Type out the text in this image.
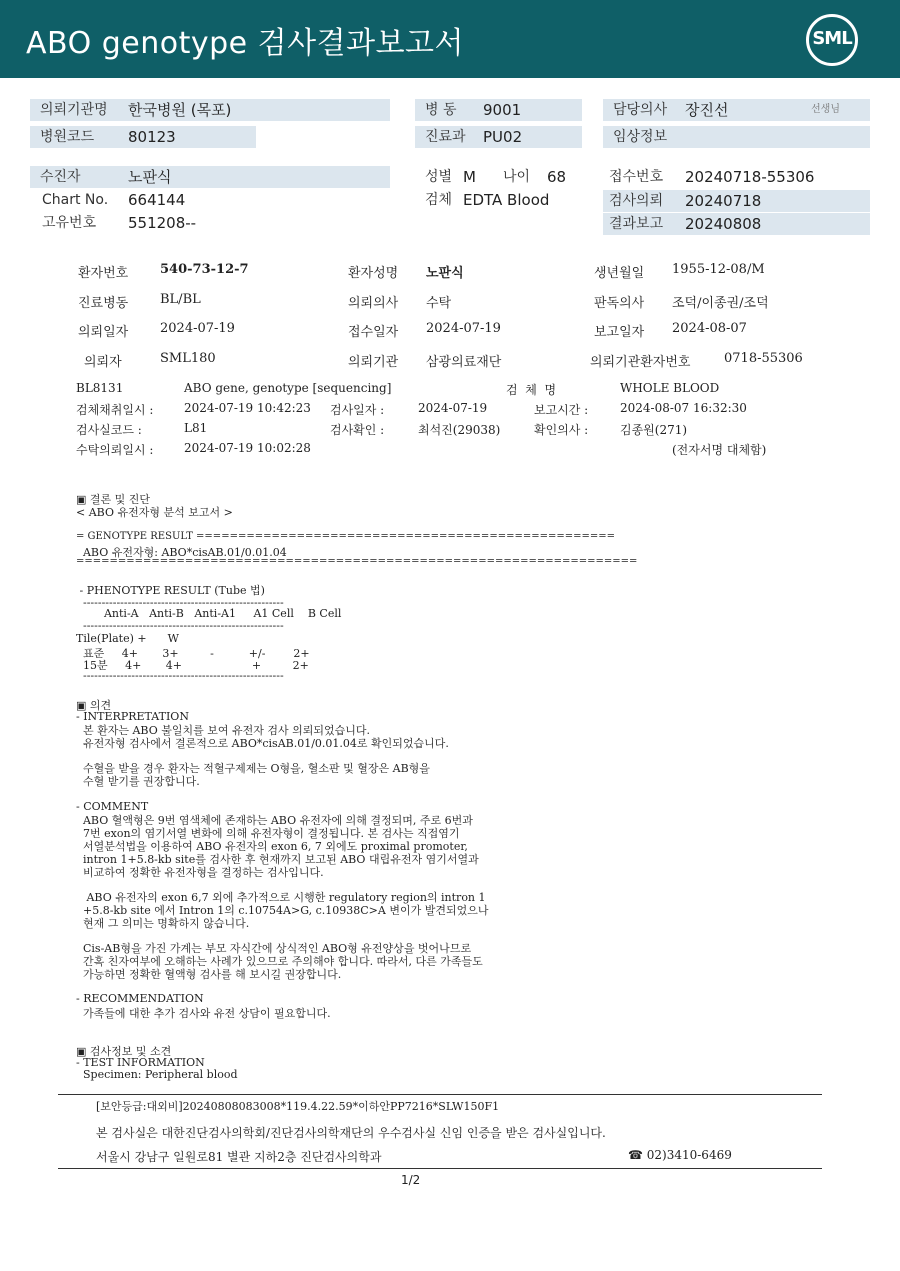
ABO genotype 검사결과보고서	SML
의뢰기관명 한국병원 (목포)
병원코드 80123
병 동 9001
진료과 PU02
담당의사 장진선	선생님
임상정보
수진자	노판식
Chart No. 664144
고유번호 551208--
성별 M 나이 68
검체 EDTA Blood
접수번호 20240718-55306
검사의뢰 20240718
결과보고 20240808
환자번호 540-73-12-7	환자성명 노판식	생년월일 1955-12-08/M
진료병동 BL/BL	의뢰의사 수탁	판독의사 조덕/이종권/조덕
의뢰일자 2024-07-19	접수일자 2024-07-19	보고일자 2024-08-07
의뢰자	SML180	의뢰기관 삼광의료재단	의뢰기관환자번호	0718-55306
BL8131	ABO gene, genotype [sequencing]	검  체  명	WHOLE BLOOD
검체채취일시 :	2024-07-19 10:42:23 검사일자 :	2024-07-19	보고시간 :	2024-08-07 16:32:30
검사실코드 :	L81	검사확인 :	최석진(29038)	확인의사 :	김종원(271)
수탁의뢰일시 :	2024-07-19 10:02:28	(전자서명 대체함)
▣ 결론 및 진단
< ABO 유전자형 분석 보고서 >
= GENOTYPE RESULT ==================================================
ABO 유전자형: ABO*cisAB.01/0.01.04
===================================================================
- PHENOTYPE RESULT (Tube 법)
------------------------------------------------------
Anti-A   Anti-B   Anti-A1     A1 Cell    B Cell
------------------------------------------------------
Tile(Plate) +      W
표준     4+       3+         -          +/-        2+
15분     4+       4+                    +         2+
------------------------------------------------------
▣ 의견
- INTERPRETATION
본 환자는 ABO 불일치를 보여 유전자 검사 의뢰되었습니다.
유전자형 검사에서 결론적으로 ABO*cisAB.01/0.01.04로 확인되었습니다.
수혈을 받을 경우 환자는 적혈구제제는 O형을, 혈소판 및 혈장은 AB형을
수혈 받기를 권장합니다.
- COMMENT
ABO 혈액형은 9번 염색체에 존재하는 ABO 유전자에 의해 결정되며, 주로 6번과
7번 exon의 염기서열 변화에 의해 유전자형이 결정됩니다. 본 검사는 직접염기
서열분석법을 이용하여 ABO 유전자의 exon 6, 7 외에도 proximal promoter,
intron 1+5.8-kb site를 검사한 후 현재까지 보고된 ABO 대립유전자 염기서열과
비교하여 정확한 유전자형을 결정하는 검사입니다.
ABO 유전자의 exon 6,7 외에 추가적으로 시행한 regulatory region의 intron 1
+5.8-kb site 에서 Intron 1의 c.10754A>G, c.10938C>A 변이가 발견되었으나
현재 그 의미는 명확하지 않습니다.
Cis-AB형을 가진 가계는 부모 자식간에 상식적인 ABO형 유전양상을 벗어나므로
간혹 친자여부에 오해하는 사례가 있으므로 주의해야 합니다. 따라서, 다른 가족들도
가능하면 정확한 혈액형 검사를 해 보시길 권장합니다.
- RECOMMENDATION
가족들에 대한 추가 검사와 유전 상담이 필요합니다.
▣ 검사정보 및 소견
- TEST INFORMATION
Specimen: Peripheral blood
[보안등급:대외비]20240808083008*119.4.22.59*이하안PP7216*SLW150F1
본 검사실은 대한진단검사의학회/진단검사의학재단의 우수검사실 신임 인증을 받은 검사실입니다.
서울시 강남구 일원로81 별관 지하2층 진단검사의학과	☎ 02)3410-6469
1/2
